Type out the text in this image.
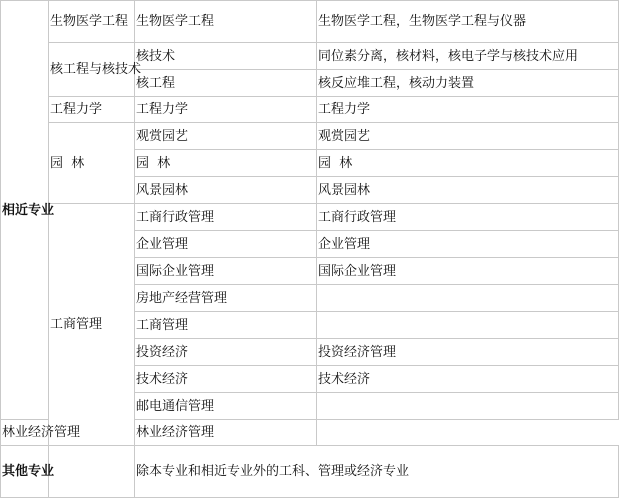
相近专业	生物医学工程	生物医学工程	生物医学工程，生物医学工程与仪器
	核工程与核技术	核技术	同位素分离，核材料，核电子学与核技术应用
		核工程	核反应堆工程，核动力装置
	工程力学	工程力学	工程力学
	园  林	观赏园艺	观赏园艺
		园  林	园  林
		风景园林	风景园林
	工商管理	工商行政管理	工商行政管理
		企业管理	企业管理
		国际企业管理	国际企业管理
		房地产经营管理	
		工商管理	
		投资经济	投资经济管理
		技术经济	技术经济
		邮电通信管理	
林业经济管理		林业经济管理	
其他专业		除本专业和相近专业外的工科、管理或经济专业	
